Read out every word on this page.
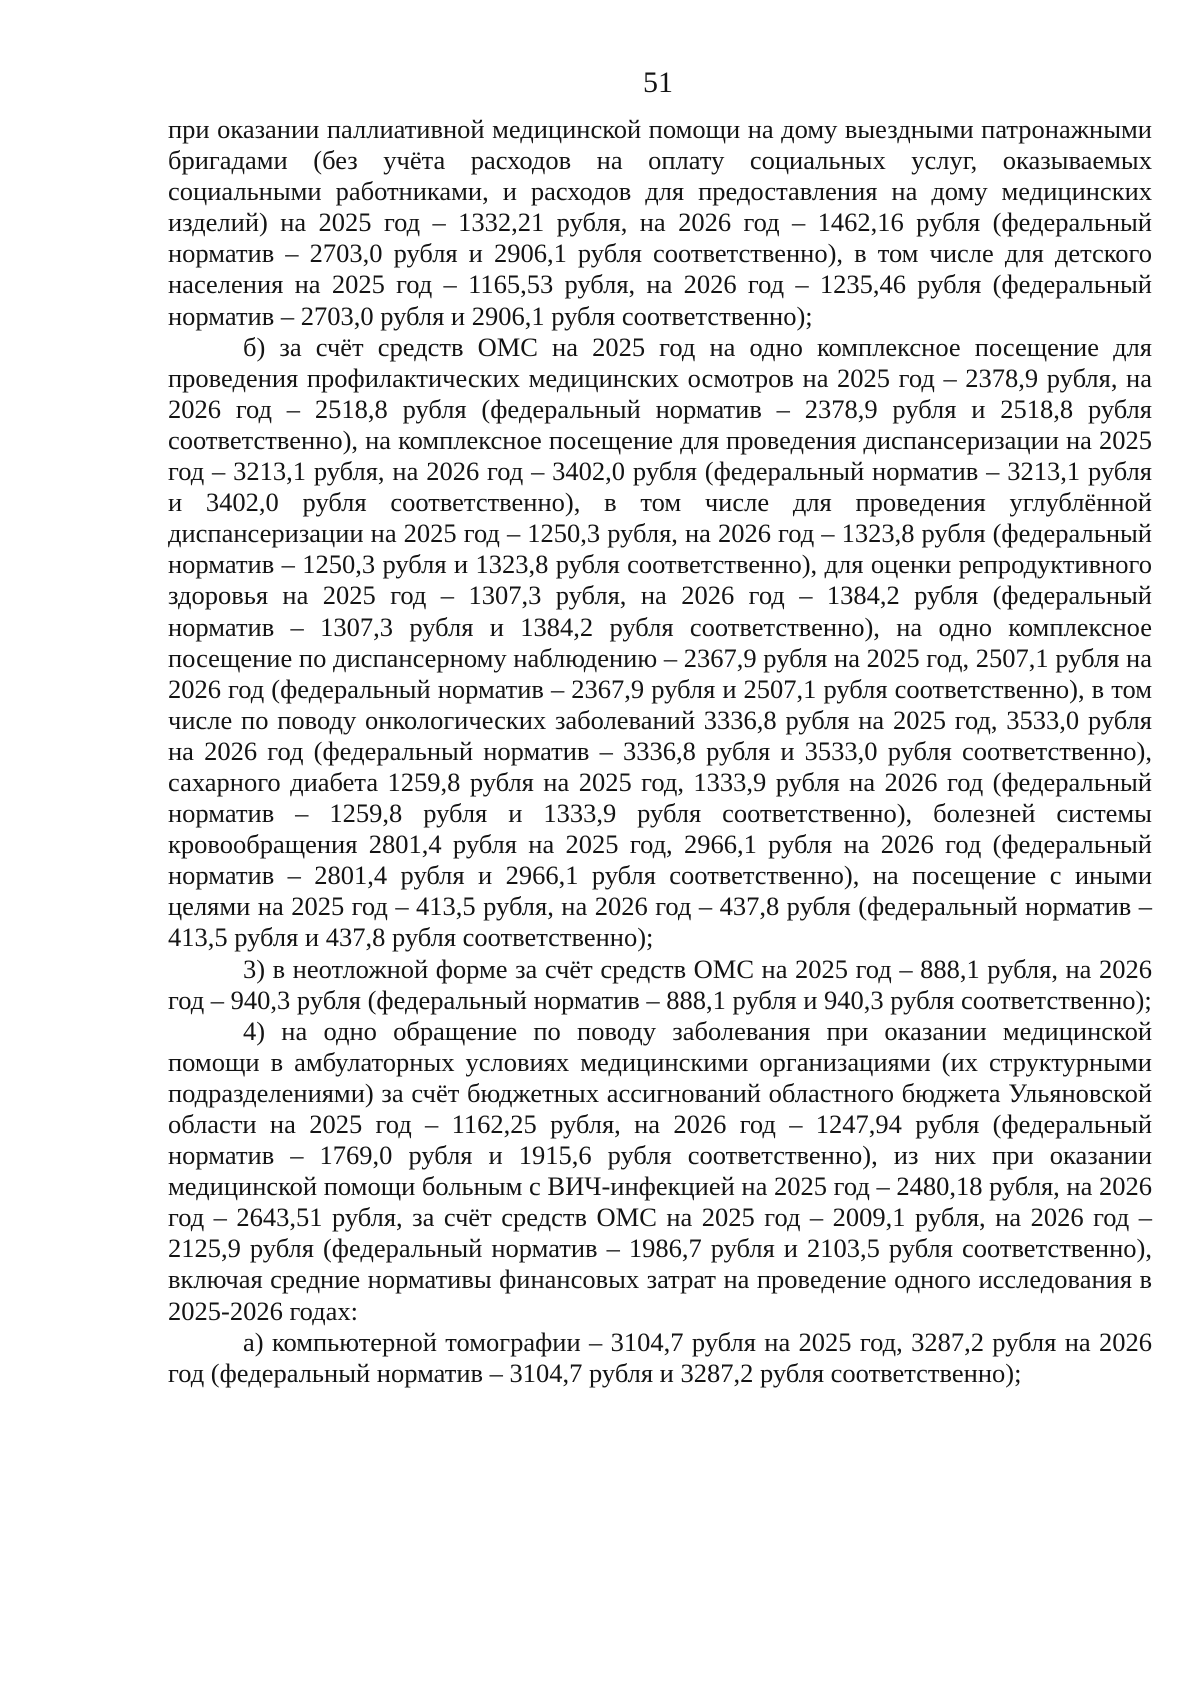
51

при оказании паллиативной медицинской помощи на дому выездными патронажными бригадами (без учёта расходов на оплату социальных услуг, оказываемых социальными работниками, и расходов для предоставления на дому медицинских изделий) на 2025 год – 1332,21 рубля, на 2026 год – 1462,16 рубля (федеральный норматив – 2703,0 рубля и 2906,1 рубля соответственно), в том числе для детского населения на 2025 год – 1165,53 рубля, на 2026 год – 1235,46 рубля (федеральный норматив – 2703,0 рубля и 2906,1 рубля соответственно);

б) за счёт средств ОМС на 2025 год на одно комплексное посещение для проведения профилактических медицинских осмотров на 2025 год – 2378,9 рубля, на 2026 год – 2518,8 рубля (федеральный норматив – 2378,9 рубля и 2518,8 рубля соответственно), на комплексное посещение для проведения диспансеризации на 2025 год – 3213,1 рубля, на 2026 год – 3402,0 рубля (федеральный норматив – 3213,1 рубля и 3402,0 рубля соответственно), в том числе для проведения углублённой диспансеризации на 2025 год – 1250,3 рубля, на 2026 год – 1323,8 рубля (федеральный норматив – 1250,3 рубля и 1323,8 рубля соответственно), для оценки репродуктивного здоровья на 2025 год – 1307,3 рубля, на 2026 год – 1384,2 рубля (федеральный норматив – 1307,3 рубля и 1384,2 рубля соответственно), на одно комплексное посещение по диспансерному наблюдению – 2367,9 рубля на 2025 год, 2507,1 рубля на 2026 год (федеральный норматив – 2367,9 рубля и 2507,1 рубля соответственно), в том числе по поводу онкологических заболеваний 3336,8 рубля на 2025 год, 3533,0 рубля на 2026 год (федеральный норматив – 3336,8 рубля и 3533,0 рубля соответственно), сахарного диабета 1259,8 рубля на 2025 год, 1333,9 рубля на 2026 год (федеральный норматив – 1259,8 рубля и 1333,9 рубля соответственно), болезней системы кровообращения 2801,4 рубля на 2025 год, 2966,1 рубля на 2026 год (федеральный норматив – 2801,4 рубля и 2966,1 рубля соответственно), на посещение с иными целями на 2025 год – 413,5 рубля, на 2026 год – 437,8 рубля (федеральный норматив – 413,5 рубля и 437,8 рубля соответственно);

3) в неотложной форме за счёт средств ОМС на 2025 год – 888,1 рубля, на 2026 год – 940,3 рубля (федеральный норматив – 888,1 рубля и 940,3 рубля соответственно);

4) на одно обращение по поводу заболевания при оказании медицинской помощи в амбулаторных условиях медицинскими организациями (их структурными подразделениями) за счёт бюджетных ассигнований областного бюджета Ульяновской области на 2025 год – 1162,25 рубля, на 2026 год – 1247,94 рубля (федеральный норматив – 1769,0 рубля и 1915,6 рубля соответственно), из них при оказании медицинской помощи больным с ВИЧ-инфекцией на 2025 год – 2480,18 рубля, на 2026 год – 2643,51 рубля, за счёт средств ОМС на 2025 год – 2009,1 рубля, на 2026 год – 2125,9 рубля (федеральный норматив – 1986,7 рубля и 2103,5 рубля соответственно), включая средние нормативы финансовых затрат на проведение одного исследования в 2025-2026 годах:

а) компьютерной томографии – 3104,7 рубля на 2025 год, 3287,2 рубля на 2026 год (федеральный норматив – 3104,7 рубля и 3287,2 рубля соответственно);
